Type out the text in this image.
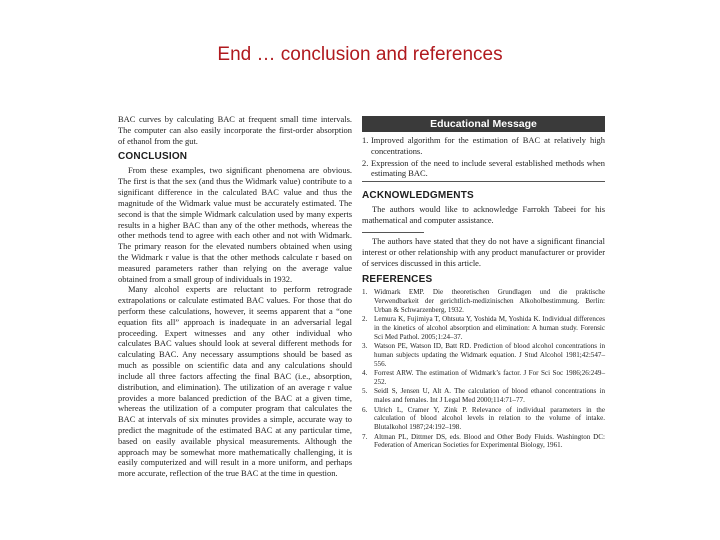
End … conclusion and references

BAC curves by calculating BAC at frequent small time intervals. The computer can also easily incorporate the first-order absorption of ethanol from the gut.

CONCLUSION

From these examples, two significant phenomena are obvious. The first is that the sex (and thus the Widmark value) contribute to a significant difference in the calculated BAC value and thus the magnitude of the Widmark value must be accurately estimated. The second is that the simple Widmark calculation used by many experts results in a higher BAC than any of the other methods, whereas the other methods tend to agree with each other and not with Widmark. The primary reason for the elevated numbers obtained when using the Widmark r value is that the other methods calculate r based on measured parameters rather than relying on the average value obtained from a small group of individuals in 1932.

Many alcohol experts are reluctant to perform retrograde extrapolations or calculate estimated BAC values. For those that do perform these calculations, however, it seems apparent that a “one equation fits all” approach is inadequate in an adversarial legal proceeding. Expert witnesses and any other individual who calculates BAC values should look at several different methods for calculating BAC. Any necessary assumptions should be based as much as possible on scientific data and any calculations should include all three factors affecting the final BAC (i.e., absorption, distribution, and elimination). The utilization of an average r value provides a more balanced prediction of the BAC at a given time, whereas the utilization of a computer program that calculates the BAC at intervals of six minutes provides a simple, accurate way to predict the magnitude of the estimated BAC at any particular time, based on easily available physical measurements. Although the approach may be somewhat more mathematically challenging, it is easily computerized and will result in a more uniform, and perhaps more accurate, reflection of the true BAC at the time in question.

Educational Message
1. Improved algorithm for the estimation of BAC at relatively high concentrations.
2. Expression of the need to include several established methods when estimating BAC.
ACKNOWLEDGMENTS

The authors would like to acknowledge Farrokh Tabeei for his mathematical and computer assistance.

The authors have stated that they do not have a significant financial interest or other relationship with any product manufacturer or provider of services discussed in this article.

REFERENCES
1. Widmark EMP. Die theoretischen Grundlagen und die praktische Verwendbarkeit der gerichtlich-medizinischen Alkoholbestimmung. Berlin: Urban & Schwarzenberg, 1932.
2. Lemura K, Fujimiya T, Ohtsuta Y, Yoshida M, Yoshida K. Individual differences in the kinetics of alcohol absorption and elimination: A human study. Forensic Sci Med Pathol. 2005;1:24–37.
3. Watson PE, Watson ID, Batt RD. Prediction of blood alcohol concentrations in human subjects updating the Widmark equation. J Stud Alcohol 1981;42:547–556.
4. Forrest ARW. The estimation of Widmark’s factor. J For Sci Soc 1986;26:249–252.
5. Seidl S, Jensen U, Alt A. The calculation of blood ethanol concentrations in males and females. Int J Legal Med 2000;114:71–77.
6. Ulrich L, Cramer Y, Zink P. Relevance of individual parameters in the calculation of blood alcohol levels in relation to the volume of intake. Blutalkohol 1987;24:192–198.
7. Altman PL, Dittmer DS, eds. Blood and Other Body Fluids. Washington DC: Federation of American Societies for Experimental Biology, 1961.
